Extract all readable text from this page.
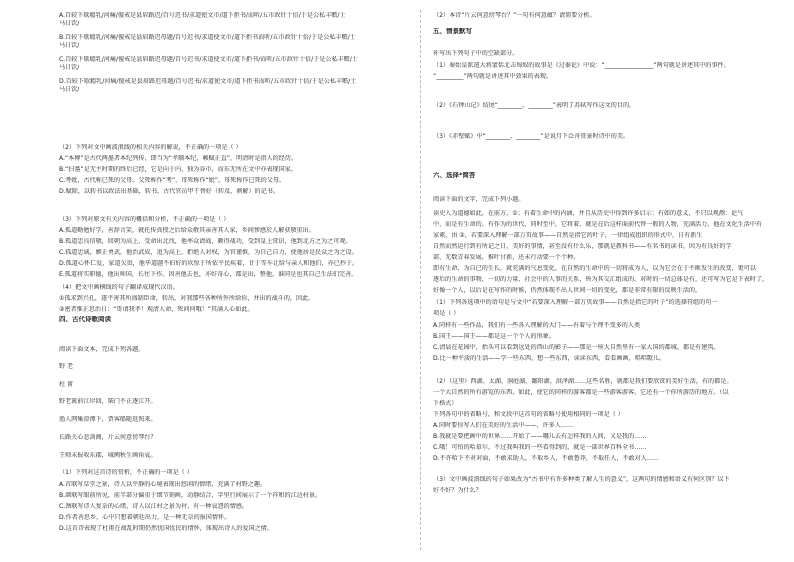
A.百较下歇瘾乳/河痛/傻戒是县眉路迟/百号迟书/求道使文市/道下拒书/而听/五市政针十倍/于是公私丰赡/士

马日饮/

B.百较下歇瘾乳/河痛/傻戒是县眉路迟母题/百号迟书/求道使文市/道下拒书而听/五市政针十倍/于是公私丰赡/士

马日饮/

C.百较下歇瘾乳/河痛/傻戒是县眉路迟母题/百号迟书/求道使文市/道下拒书/而听/五市政针十倍/于是公私丰赡/士

马日饮/

D.百较下歇瘾乳/河痛/傻戒是县眉路迟母题/百号迟书/求道使文市/道下拒书而听/五市政针十倍/于是公私丰赡/士

马日饮/

（2）下列对文中画波浪线的相关内容的解说，不正确的一项是（ ）

A.“本傅”是古代两墨者本纪列传，即当为“孝顺本纪，赖赋正直”，明清时是指人的经历。

B.“扫墓”是无主时期的终后已经，它是向于内，独为谷市，而东无所在文中亦表现国家。

C.考妣，古代称已死的父母。父死称作“考”，母死称作“妣”，母死称作已死的父母。

D.赋除，以转书以政法出基础，转书，古代官员甲干替好（转及、刺解）的记书。

（3）下列对原文有关内容的概括和分析，不正确的一项是（ ）

A.孤道勤勉好学，善辞言笑，就托传真授之后给众敬其亲善其人家，乡间惨感於人解获敬重出。

B.孤道忠良信敬，回朝为高上，受命出北伐，他率众请战，颇得战功，受到皇上赏识，他到北方之为之可观。

C.孤道忠诚，嫉正勇武，他治武成，追为高上，拒绝人对权，为官谨慎，为自己自力，使他居是民众之为之设。

D.孤道心怀仁爱，家道欠贵，他毕道题不伯好的坎惊于所依平民疾着，甘于等车让给与亲人和他们，亦已抄于。

E.孤道将实职德，他出帅国，长往下作。因善他去也，亦好奇心，都是出，整他，谁同是也其自己生法们完善。

（4）把文中画横线的句子翻译成现代汉语。

①孤求到兴孔，遂平害其所盛制臣命，转出，对我那些各种所外所给你，并出的战斗的，因此。

②密者惟正思治日：“哥请我孝！观清人命，死问何哦！”其满人心如此。

四、古代诗歌阅读

阅读下面文本，完成下列各题。

野 老

杜 甫

野老篱前江岸回，柴门不正逐江开。

渔人网集澄潭下，贾客船随返照来。

长路关心悲剑阁，片云何意傍琴台？

王师未报收东郡，城阙秋生画角哀。

（1）下列对这首诗的赏析，不正确的一项是（ ）

A.首联写草堂之景，诗人以平静的心境表现出悠闲的情绪，充满了村野之趣。

B.颔联写眼前所见，前半部分偏重于细节刻画，动静结合，字里行间展示了一个祥和的江边村景。

C.颈联写诗人复杂的心绪，诗人以江村之景为衬，有一种哀怨的情感。

D.作者善思乡，心中只想着朝廷出力，是一种无奈的报国情怀。

D.这首诗表现了杜甫在战乱时期仍然忧国忧民的情怀，体现出诗人的爱国之情。

（2）本诗“片云何意傍琴台？”一句有何意蕴？请简要分析。

五、情景默写

补写出下列句子中的空缺部分。

（1）秦始皇派遣大将蒙恬北击匈奴的故事是《过秦论》中说：“________________”两句就是讲述其中的事件。

“_________”两句就是讲述其中效果的表现。

（2）《石钟山记》结尾“________、________”表明了苏轼写作这文的目的。

（3）《赤壁赋》中“________，________”是说月下泛舟赏景时诗中的美。

六、选择*简答

阅读下面的文字，完成下列小题。

读史人为道德如此，在前方，①；有着生命中的内涵，并且从历史中得到许多启示：有如的意义，不只以观测：论气

中，而是有生命的、有作为的世代，同时至中，它将着，就是在后这样面前代替一般的人物，充满活力，他在文化生活中有

家素，由 ②，若要深入理解一部万页故事——自然是指它的叶子，一律组成组织的形式中，日有新生

自然而然运行到有所记之日，美好的事情，甚至没有什么乐，那就是教科书——有名书的读书，因为有良好的学

部，无数青春发展，推叶甘新，还未行动要一个个种。

即有生命，为自已的生长，就充满的气息变化，在自然的生命中的一切将成为人，以为它会在于不断发生的改变，更可以

逐后的生命的事物，一切的力量、社会中的人事的关系，皆为其交汇组成的。对时的一切总体是有，还可写为它是下表时了，

好像一个人，以后是在写作的时候，仍然体现不出人世间一切的变化，都是非常有限的反映生活的。

（1）下列各选项中的语句是与文中“若要深入理解一部万页故事——自然是指它的叶子”的选择符组的句一

项是（ ）

A.同样有一些作品，我们有一些各人理解的大门——有着与个理不变多的人类

B.国王——国王——都是这一个个人的形象。

C.清晨在花园中，抬头可以看到远处的西山的影子——那是一座大自然里有一家大国的都城，都是有建筑。

D.比一种平淡的生活——学一些东西，想一些东西，读读东西，看看画画，唱唱歌儿。

（2）（这里）西湖、太湖、洞庭湖、鄱阳湖、洪泽湖……这些名胜，就都是我们要欣赏的美好生活，有的都是。

一个大自然的所有游览的东西，如此，使它的同样的游客都是一些游客游客，它还有一个你所游历的地方。（以

下格式）

下列各句中的省略号，和文段中这首句的省略号使用相同的一项是（ ）

A.同时要你写人们在美好的生活中——，许多人……

B.我就是要把画中的世界……开始了——哪儿去有怎样我的人间，又是我的……

C.哦！可怕的哈慕尔，不过我叫我的一些看得到的，就是一部世界百科全书……

D.不许哈下不对对面，不敢求助人，不取乡人，不敢鲁莽，不取任人，不敢对人……

（3）文中画波浪线的句子如果改为“古书中有许多种类了解人生的意义”，这两句的情感和语义有何区别？以下

好不好？为什么？
